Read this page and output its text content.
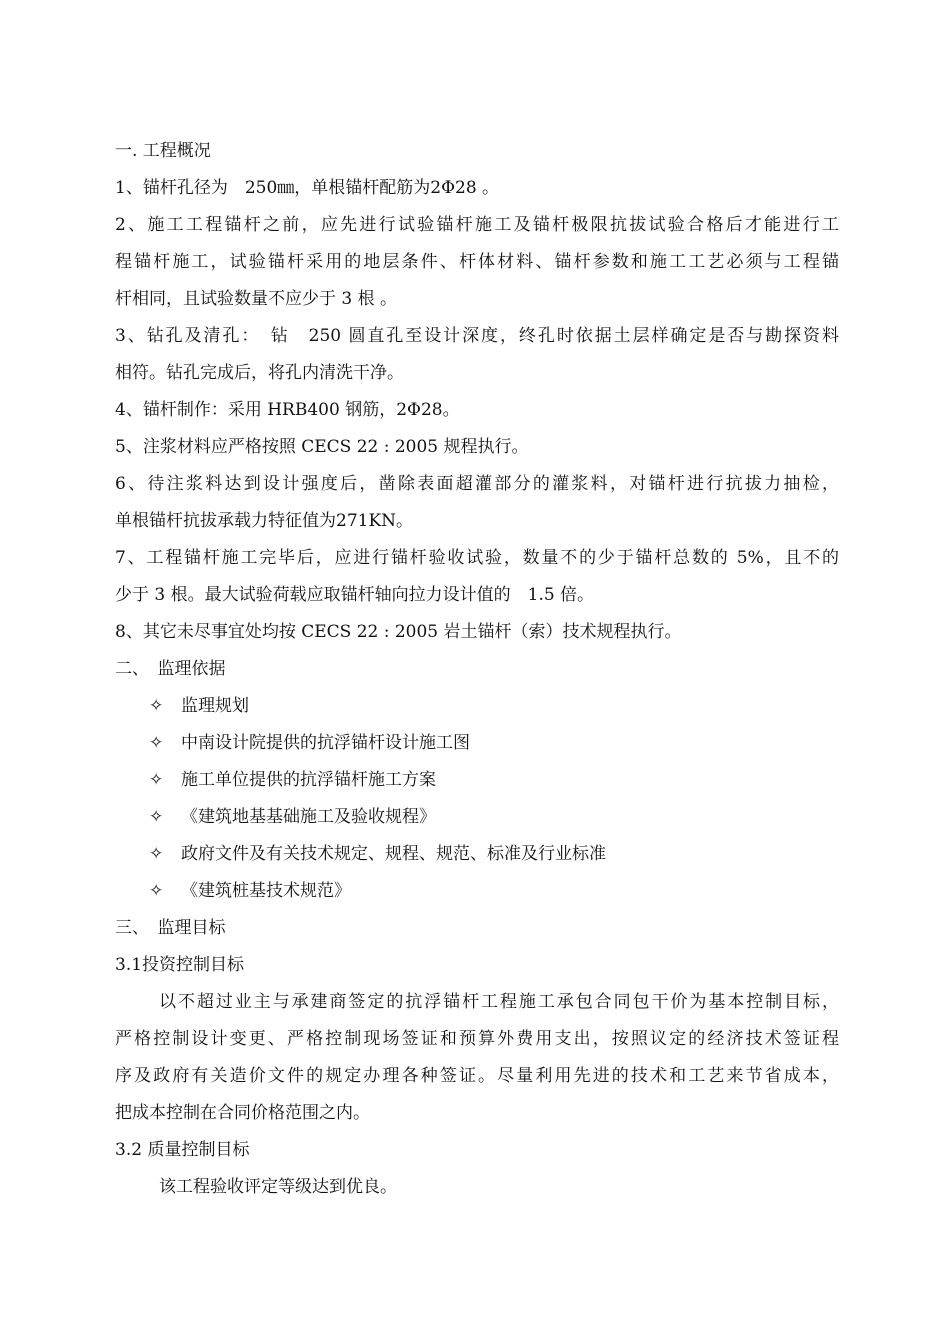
一. 工程概况
1、锚杆孔径为　250㎜，单根锚杆配筋为2Φ28 。
2、施工工程锚杆之前，应先进行试验锚杆施工及锚杆极限抗拔试验合格后才能进行工
程锚杆施工，试验锚杆采用的地层条件、杆体材料、锚杆参数和施工工艺必须与工程锚
杆相同，且试验数量不应少于 3 根 。
3、钻孔及清孔：　钻　250 圆直孔至设计深度，终孔时依据土层样确定是否与勘探资料
相符。钻孔完成后，将孔内清洗干净。
4、锚杆制作：采用 HRB400 钢筋，2Φ28。
5、注浆材料应严格按照 CECS 22 : 2005 规程执行。
6、待注浆料达到设计强度后，凿除表面超灌部分的灌浆料，对锚杆进行抗拔力抽检，
单根锚杆抗拔承载力特征值为271KN。
7、工程锚杆施工完毕后，应进行锚杆验收试验，数量不的少于锚杆总数的 5%，且不的
少于 3 根。最大试验荷载应取锚杆轴向拉力设计值的　1.5 倍。
8、其它未尽事宜处均按 CECS 22 : 2005 岩土锚杆（索）技术规程执行。
二、　监理依据
✧ 监理规划
✧ 中南设计院提供的抗浮锚杆设计施工图
✧ 施工单位提供的抗浮锚杆施工方案
✧ 《建筑地基基础施工及验收规程》
✧ 政府文件及有关技术规定、规程、规范、标准及行业标准
✧ 《建筑桩基技术规范》
三、　监理目标
3.1投资控制目标
以不超过业主与承建商签定的抗浮锚杆工程施工承包合同包干价为基本控制目标，
严格控制设计变更、严格控制现场签证和预算外费用支出，按照议定的经济技术签证程
序及政府有关造价文件的规定办理各种签证。尽量利用先进的技术和工艺来节省成本，
把成本控制在合同价格范围之内。
3.2 质量控制目标
该工程验收评定等级达到优良。
